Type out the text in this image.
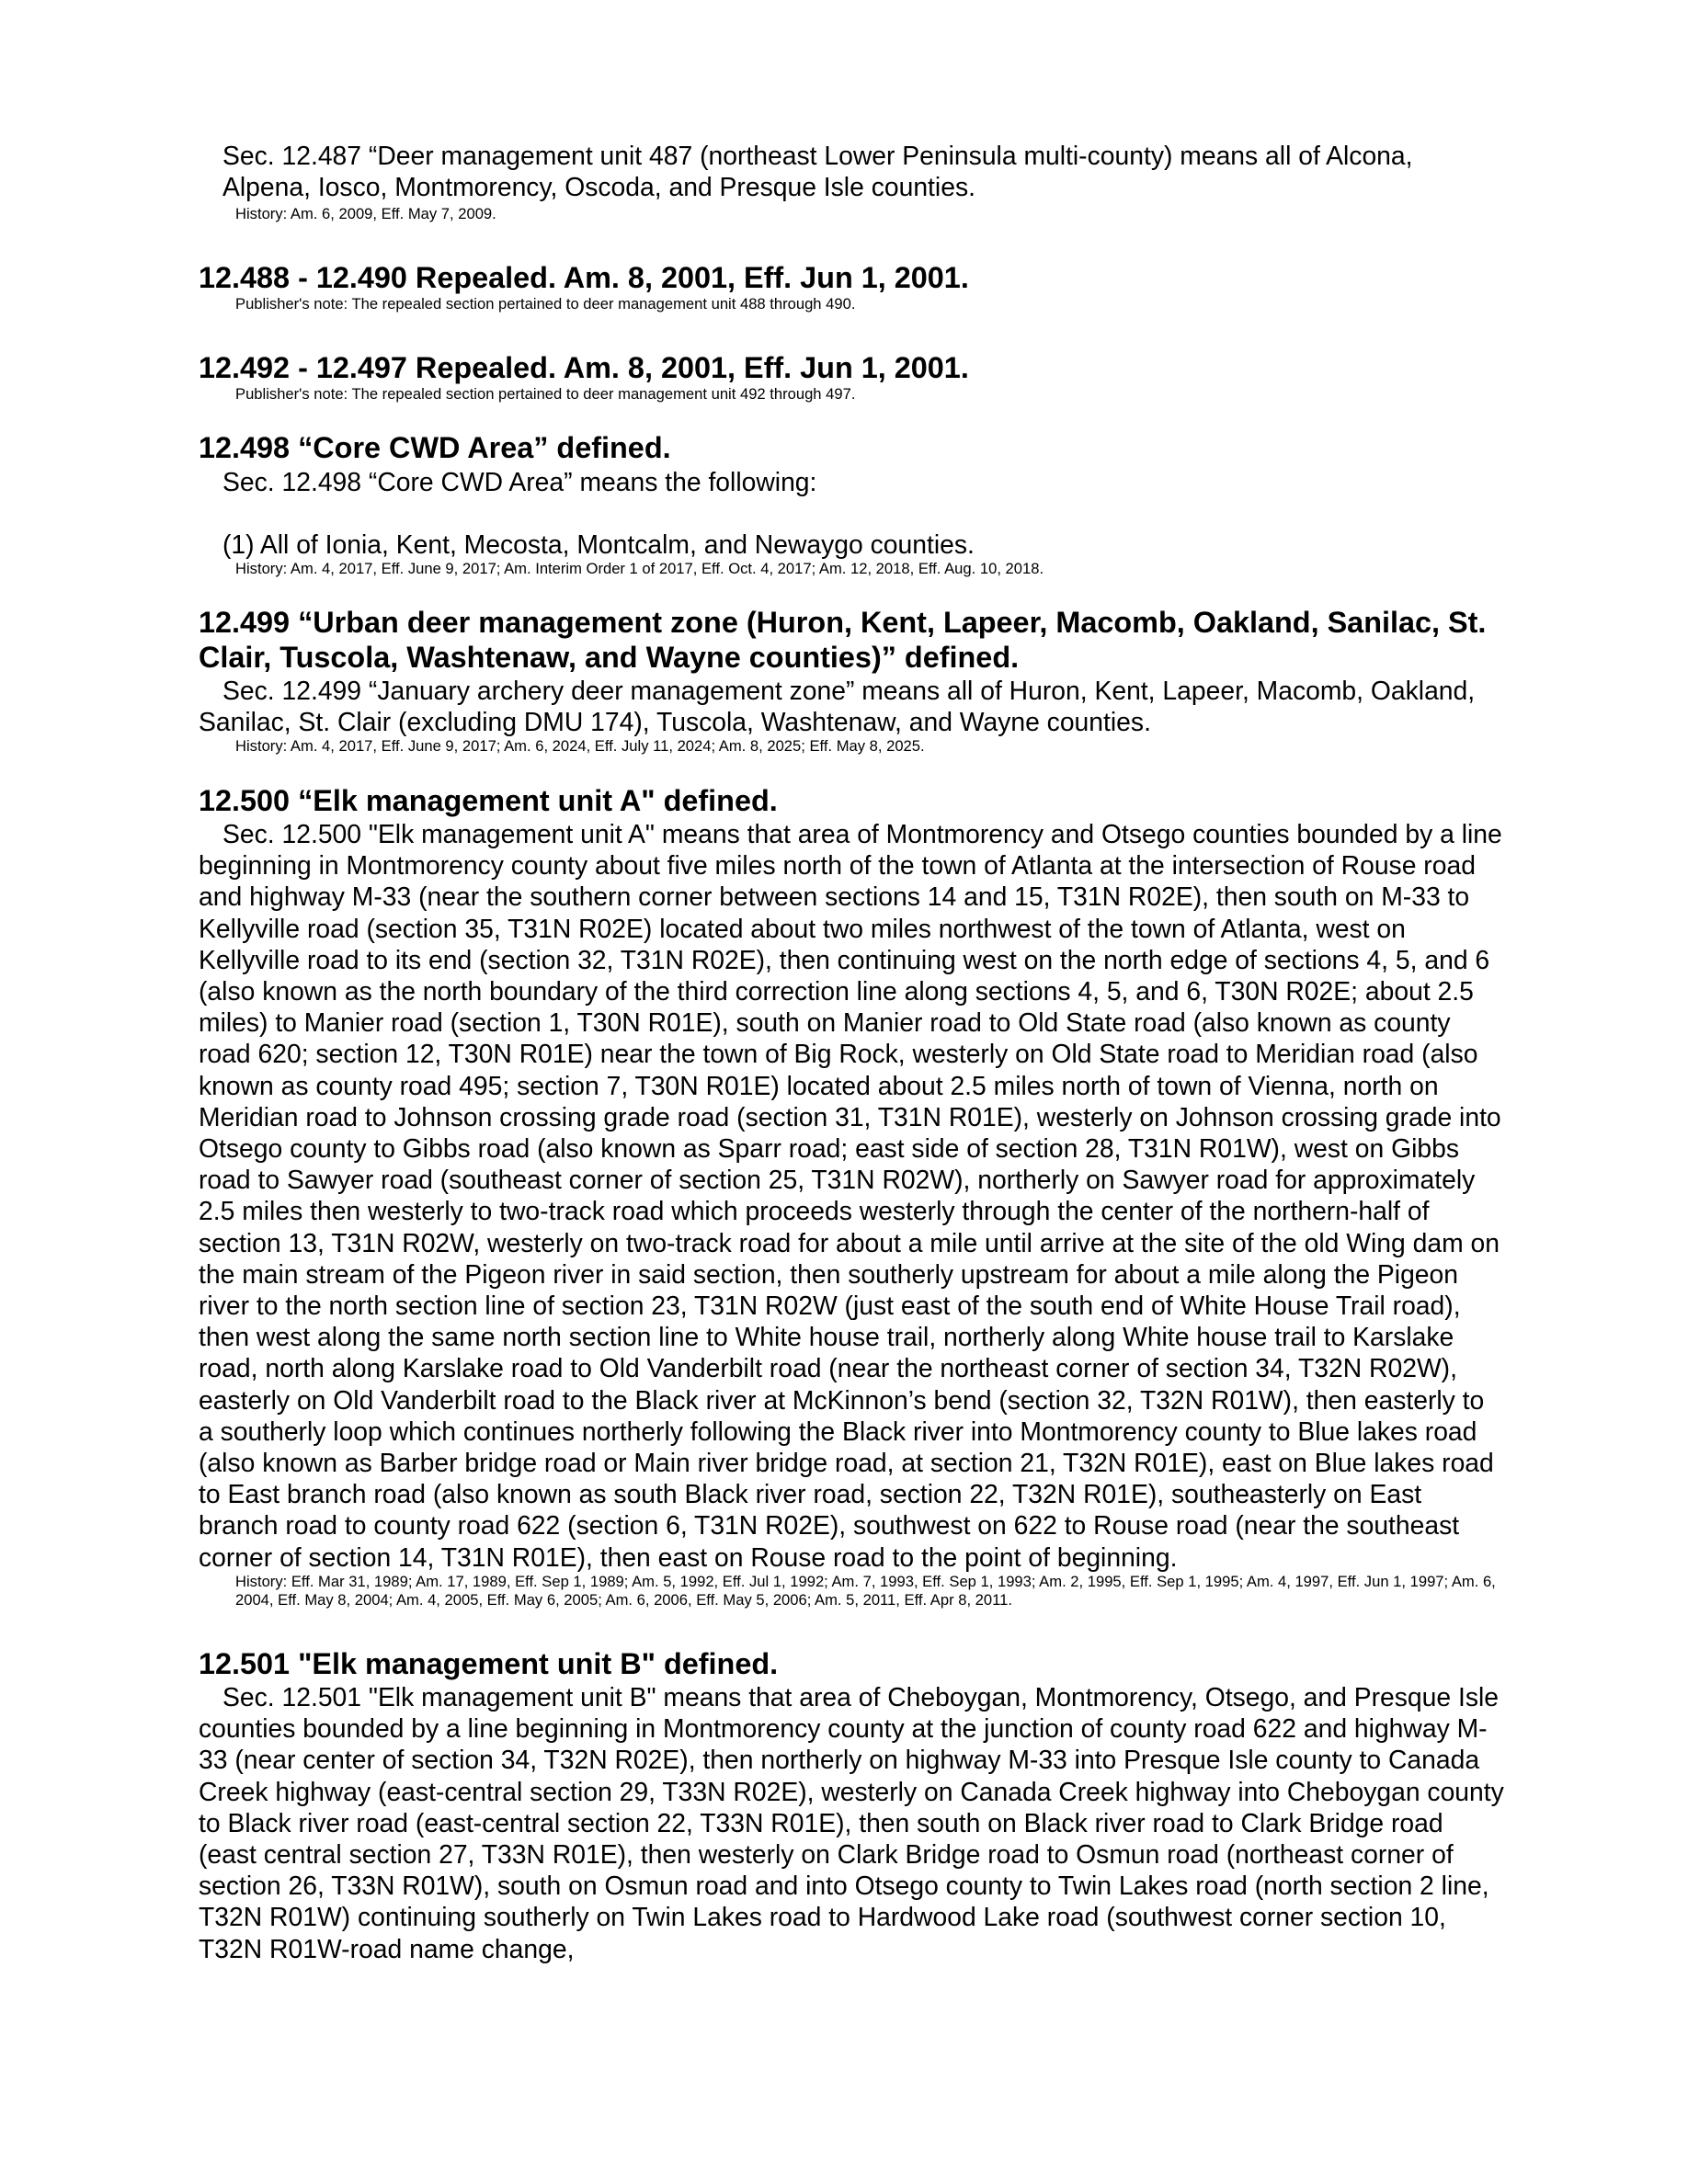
Sec. 12.487 “Deer management unit 487 (northeast Lower Peninsula multi-county) means all of Alcona, Alpena, Iosco, Montmorency, Oscoda, and Presque Isle counties.

History: Am. 6, 2009, Eff. May 7, 2009.

12.488 - 12.490 Repealed. Am. 8, 2001, Eff. Jun 1, 2001.

Publisher's note: The repealed section pertained to deer management unit 488 through 490.

12.492 - 12.497 Repealed. Am. 8, 2001, Eff. Jun 1, 2001.

Publisher's note: The repealed section pertained to deer management unit 492 through 497.

12.498 “Core CWD Area” defined.

Sec. 12.498 “Core CWD Area” means the following:

(1) All of Ionia, Kent, Mecosta, Montcalm, and Newaygo counties.

History: Am. 4, 2017, Eff. June 9, 2017; Am. Interim Order 1 of 2017, Eff. Oct. 4, 2017; Am. 12, 2018, Eff. Aug. 10, 2018.

12.499 “Urban deer management zone (Huron, Kent, Lapeer, Macomb, Oakland, Sanilac, St. Clair, Tuscola, Washtenaw, and Wayne counties)” defined.

Sec. 12.499 “January archery deer management zone” means all of Huron, Kent, Lapeer, Macomb, Oakland, Sanilac, St. Clair (excluding DMU 174), Tuscola, Washtenaw, and Wayne counties.

History: Am. 4, 2017, Eff. June 9, 2017; Am. 6, 2024, Eff. July 11, 2024; Am. 8, 2025; Eff. May 8, 2025.

12.500 “Elk management unit A" defined.

Sec. 12.500 "Elk management unit A" means that area of Montmorency and Otsego counties bounded by a line beginning in Montmorency county about five miles north of the town of Atlanta at the intersection of Rouse road and highway M-33 (near the southern corner between sections 14 and 15, T31N R02E), then south on M-33 to Kellyville road (section 35, T31N R02E) located about two miles northwest of the town of Atlanta, west on Kellyville road to its end (section 32, T31N R02E), then continuing west on the north edge of sections 4, 5, and 6 (also known as the north boundary of the third correction line along sections 4, 5, and 6, T30N R02E; about 2.5 miles) to Manier road (section 1, T30N R01E), south on Manier road to Old State road (also known as county road 620; section 12, T30N R01E) near the town of Big Rock, westerly on Old State road to Meridian road (also known as county road 495; section 7, T30N R01E) located about 2.5 miles north of town of Vienna, north on Meridian road to Johnson crossing grade road (section 31, T31N R01E), westerly on Johnson crossing grade into Otsego county to Gibbs road (also known as Sparr road; east side of section 28, T31N R01W), west on Gibbs road to Sawyer road (southeast corner of section 25, T31N R02W), northerly on Sawyer road for approximately 2.5 miles then westerly to two-track road which proceeds westerly through the center of the northern-half of section 13, T31N R02W, westerly on two-track road for about a mile until arrive at the site of the old Wing dam on the main stream of the Pigeon river in said section, then southerly upstream for about a mile along the Pigeon river to the north section line of section 23, T31N R02W (just east of the south end of White House Trail road), then west along the same north section line to White house trail, northerly along White house trail to Karslake road, north along Karslake road to Old Vanderbilt road (near the northeast corner of section 34, T32N R02W), easterly on Old Vanderbilt road to the Black river at McKinnon’s bend (section 32, T32N R01W), then easterly to a southerly loop which continues northerly following the Black river into Montmorency county to Blue lakes road (also known as Barber bridge road or Main river bridge road, at section 21, T32N R01E), east on Blue lakes road to East branch road (also known as south Black river road, section 22, T32N R01E), southeasterly on East branch road to county road 622 (section 6, T31N R02E), southwest on 622 to Rouse road (near the southeast corner of section 14, T31N R01E), then east on Rouse road to the point of beginning.

History: Eff. Mar 31, 1989; Am. 17, 1989, Eff. Sep 1, 1989; Am. 5, 1992, Eff. Jul 1, 1992; Am. 7, 1993, Eff. Sep 1, 1993; Am. 2, 1995, Eff. Sep 1, 1995; Am. 4, 1997, Eff. Jun 1, 1997; Am. 6, 2004, Eff. May 8, 2004; Am. 4, 2005, Eff. May 6, 2005; Am. 6, 2006, Eff. May 5, 2006; Am. 5, 2011, Eff. Apr 8, 2011.

12.501 "Elk management unit B" defined.

Sec. 12.501 "Elk management unit B" means that area of Cheboygan, Montmorency, Otsego, and Presque Isle counties bounded by a line beginning in Montmorency county at the junction of county road 622 and highway M-33 (near center of section 34, T32N R02E), then northerly on highway M-33 into Presque Isle county to Canada Creek highway (east-central section 29, T33N R02E), westerly on Canada Creek highway into Cheboygan county to Black river road (east-central section 22, T33N R01E), then south on Black river road to Clark Bridge road (east central section 27, T33N R01E), then westerly on Clark Bridge road to Osmun road (northeast corner of section 26, T33N R01W), south on Osmun road and into Otsego county to Twin Lakes road (north section 2 line, T32N R01W) continuing southerly on Twin Lakes road to Hardwood Lake road (southwest corner section 10, T32N R01W-road name change,
